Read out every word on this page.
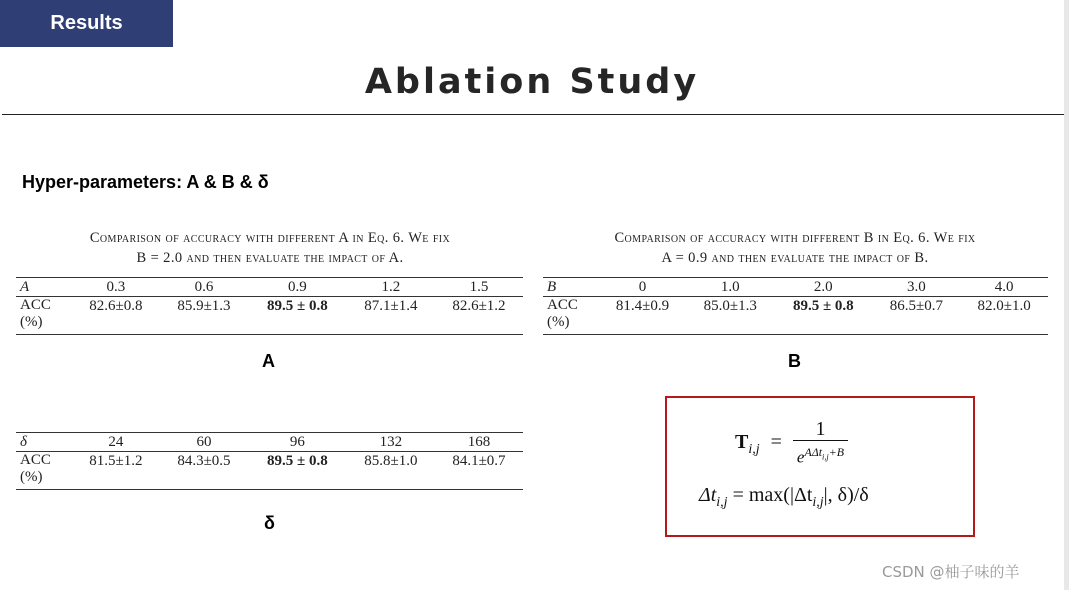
Results
Ablation Study
Hyper-parameters: A & B & δ
Comparison of accuracy with different A in Eq. 6. We fix
B = 2.0 and then evaluate the impact of A.
A	0.3	0.6	0.9	1.2	1.5
ACC
(%)	82.6±0.8	85.9±1.3	89.5 ± 0.8	87.1±1.4	82.6±1.2
A
Comparison of accuracy with different B in Eq. 6. We fix
A = 0.9 and then evaluate the impact of B.
B	0	1.0	2.0	3.0	4.0
ACC
(%)	81.4±0.9	85.0±1.3	89.5 ± 0.8	86.5±0.7	82.0±1.0
B
δ	24	60	96	132	168
ACC
(%)	81.5±1.2	84.3±0.5	89.5 ± 0.8	85.8±1.0	84.1±0.7
δ
$T_{i,j} = \frac{1}{e^{A\Delta t_{i,j}+B}}$
$\Delta t_{i,j} = \max(|\Delta t_{i,j}|$, δ)/δ
CSDN @柚子味的羊
